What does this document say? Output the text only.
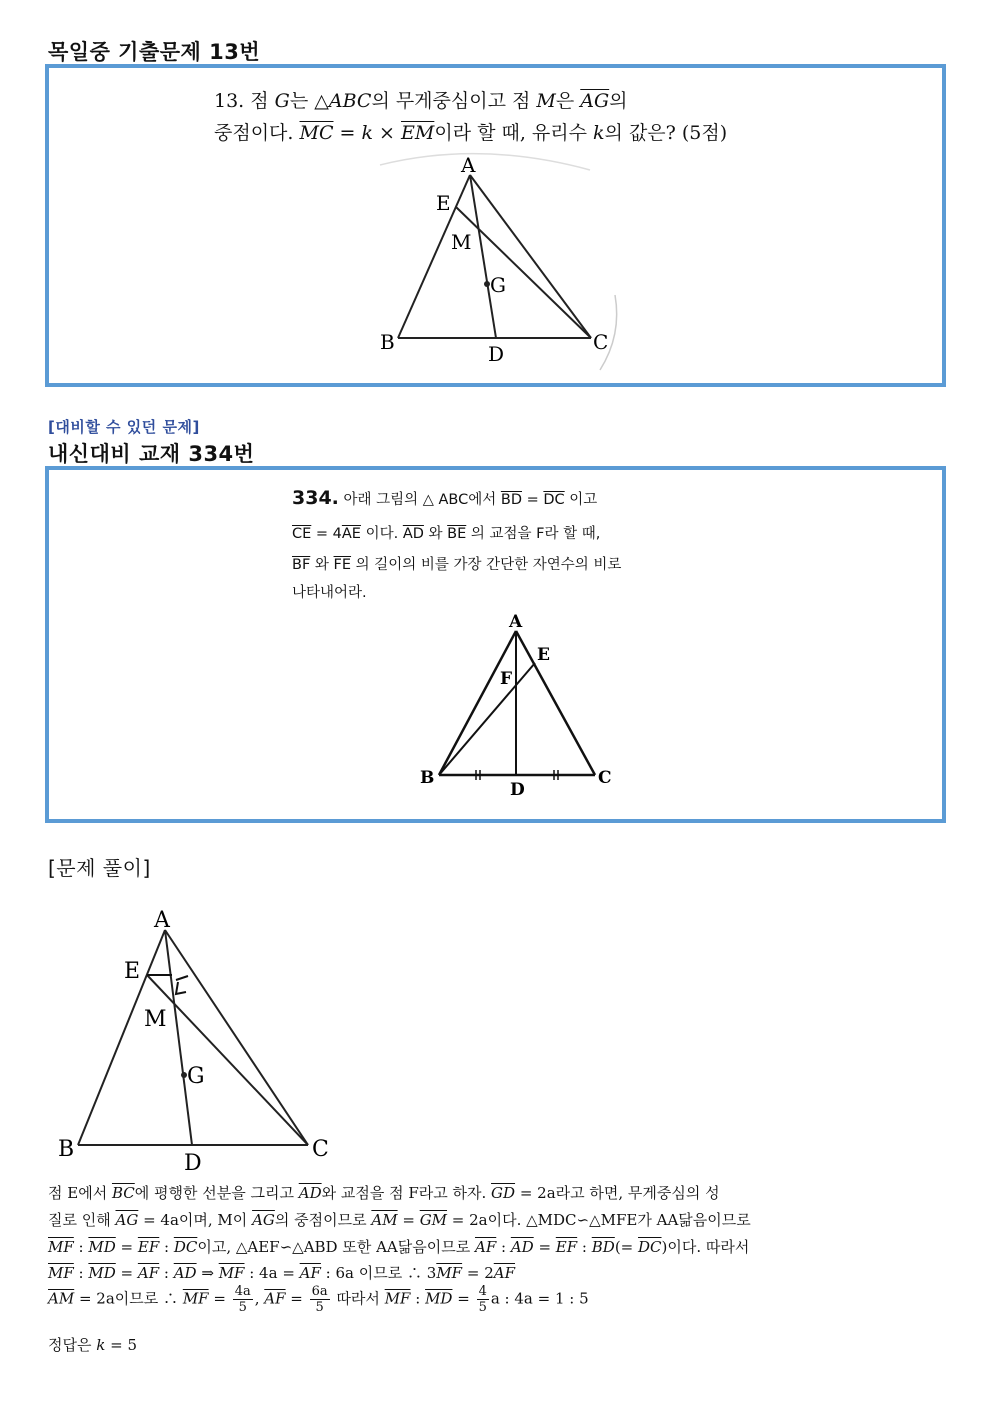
목일중 기출문제 13번
13. 점 G는 △ABC의 무게중심이고 점 M은 $\overline{AG}$의
중점이다. $\overline{MC} = k \times \overline{EM}$이라 할 때, 유리수 k의 값은? (5점)
A
E
M
G
B	D	C
[대비할 수 있던 문제]
내신대비 교재 334번
334. 아래 그림의 △ ABC에서 $\overline{BD} = \overline{DC}$ 이고
$\overline{CE} = 4\overline{AE}$ 이다. $\overline{AD}$ 와 $\overline{BE}$ 의 교점을 F라 할 때,
$\overline{BF}$ 와 $\overline{FE}$ 의 길이의 비를 가장 간단한 자연수의 비로
나타내어라.
A
E
F
B
D
C
[문제 풀이]
A
E
M
G
B
D
C
점 E에서 $\overline{BC}$에 평행한 선분을 그리고 $\overline{AD}$와 교점을 점 F라고 하자. $\overline{GD} = 2a$라고 하면, 무게중심의 성
질로 인해 $\overline{AG} = 4a$이며, M이 $\overline{AG}$의 중점이므로 $\overline{AM} = \overline{GM} = 2a$이다. △MDC∽△MFE가 AA닮음이므로
$\overline{MF}$ : $\overline{MD} = \overline{EF}$ : $\overline{DC}$이고, △AEF∽△ABD 또한 AA닮음이므로 $\overline{AF}$ : $\overline{AD} = \overline{EF}$ : $\overline{BD}(= \overline{DC})$이다. 따라서
$\overline{MF}$ : $\overline{MD} = \overline{AF}$ : $\overline{AD}$ ⇒ $\overline{MF}$ : $4a = \overline{AF}$ : 6a 이므로 ∴ $3\overline{MF} = 2\overline{AF}$
$\overline{AM} = 2a$이므로 ∴ $\overline{MF} = \frac{4a}{5}$ , $\overline{AF} = \frac{6a}{5}$ 따라서 $\overline{MF}$ : $\overline{MD} = \frac{4}{5}$ a : 4a = 1 : 5
정답은 k = 5
